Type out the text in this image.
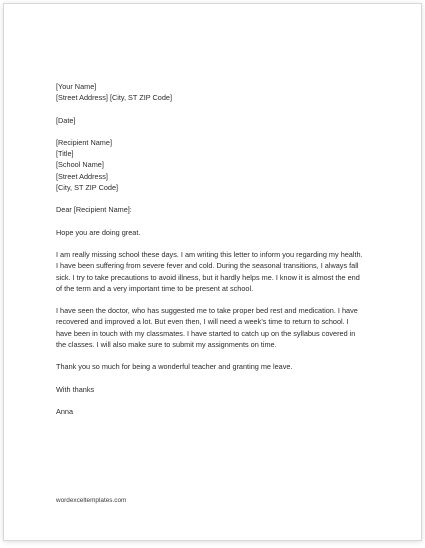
[Your Name]
[Street Address] [City, ST ZIP Code]
[Date]
[Recipient Name]
[Title]
[School Name]
[Street Address]
[City, ST ZIP Code]
Dear [Recipient Name]:
Hope you are doing great.
I am really missing school these days. I am writing this letter to inform you regarding my health.
I have been suffering from severe fever and cold. During the seasonal transitions, I always fall
sick. I try to take precautions to avoid illness, but it hardly helps me. I know it is almost the end
of the term and a very important time to be present at school.
I have seen the doctor, who has suggested me to take proper bed rest and medication. I have
recovered and improved a lot. But even then, I will need a week’s time to return to school. I
have been in touch with my classmates. I have started to catch up on the syllabus covered in
the classes. I will also make sure to submit my assignments on time.
Thank you so much for being a wonderful teacher and granting me leave.
With thanks
Anna
wordexceltemplates.com
